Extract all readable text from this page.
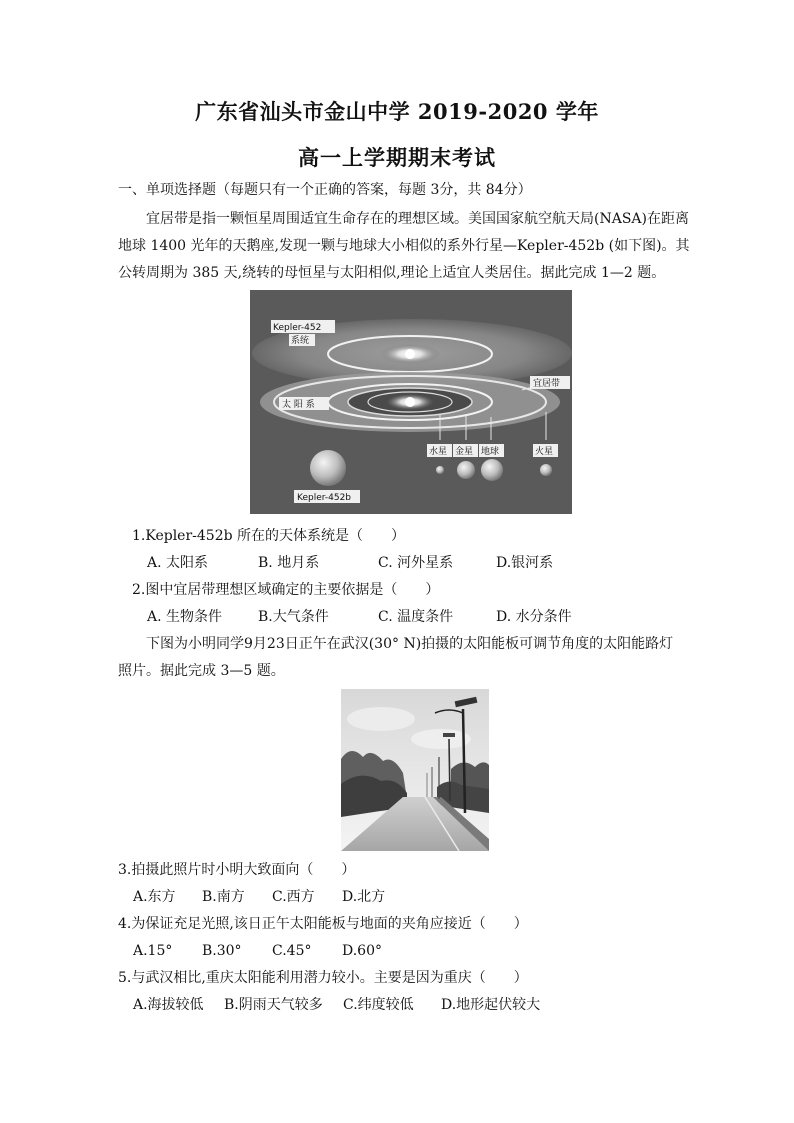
广东省汕头市金山中学 2019-2020 学年
高一上学期期末考试
一、单项选择题（每题只有一个正确的答案，每题 3分，共 84分）
宜居带是指一颗恒星周围适宜生命存在的理想区域。美国国家航空航天局(NASA)在距离
地球 1400 光年的天鹅座,发现一颗与地球大小相似的系外行星—Kepler-452b (如下图)。其
公转周期为 385 天,绕转的母恒星与太阳相似,理论上适宜人类居住。据此完成 1—2 题。
Kepler-452
系统
太 阳 系
宜居带
水星 金星 地球	火星
Kepler-452b
1.Kepler-452b 所在的天体系统是（　　）
A. 太阳系	B. 地月系	C. 河外星系	D.银河系
2.图中宜居带理想区域确定的主要依据是（　　）
A. 生物条件	B.大气条件	C. 温度条件	D. 水分条件
下图为小明同学9月23日正午在武汉(30° N)拍摄的太阳能板可调节角度的太阳能路灯
照片。据此完成 3—5 题。
3.拍摄此照片时小明大致面向（　　）
A.东方 B.南方 C.西方 D.北方
4.为保证充足光照,该日正午太阳能板与地面的夹角应接近（　　）
A.15° B.30° C.45° D.60°
5.与武汉相比,重庆太阳能利用潜力较小。主要是因为重庆（　　）
A.海拔较低 B.阴雨天气较多 C.纬度较低 D.地形起伏较大
